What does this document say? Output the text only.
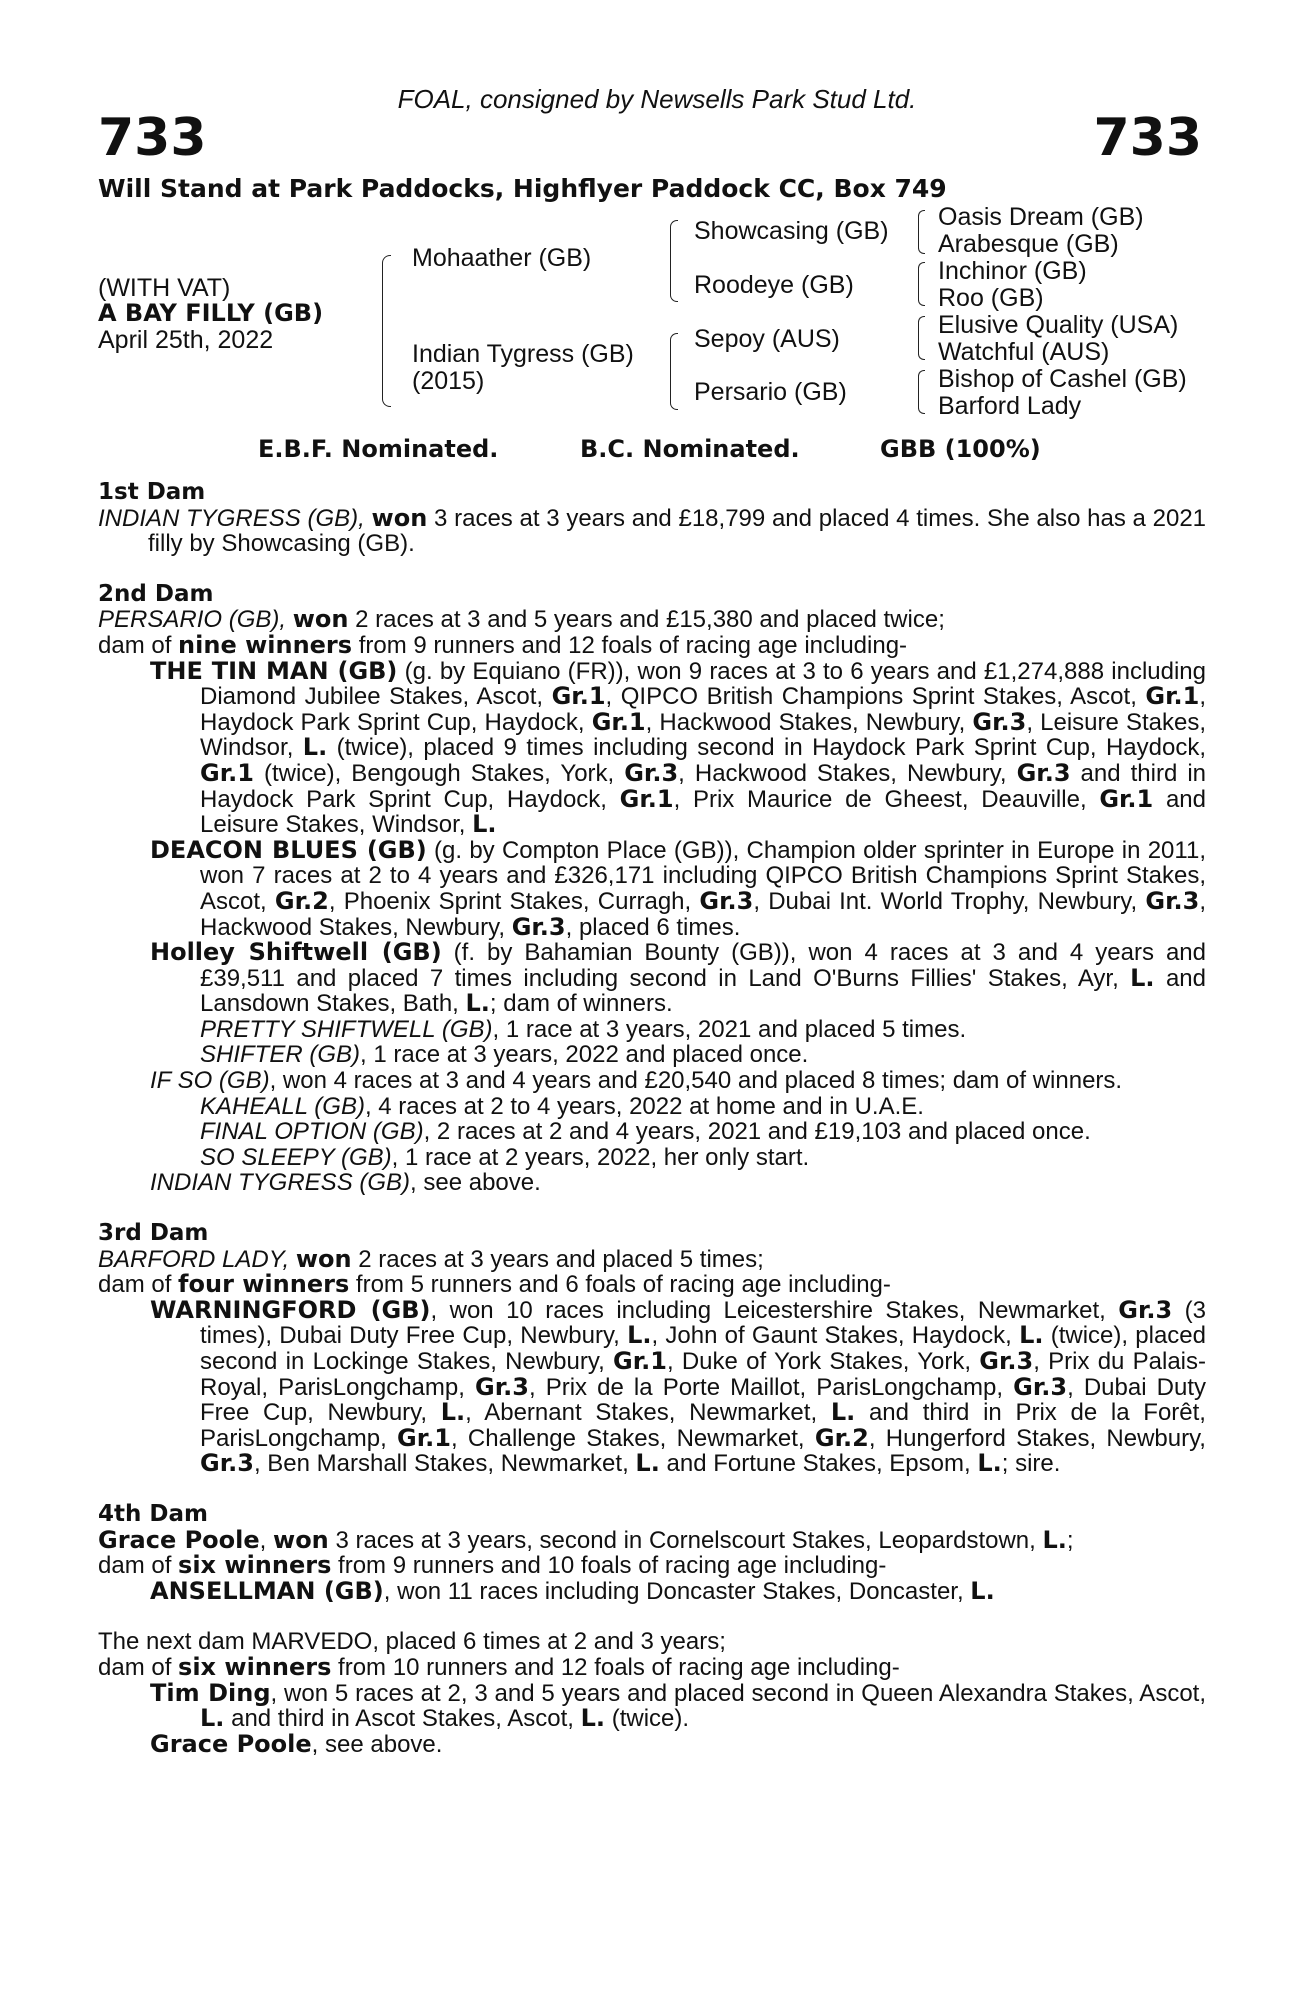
FOAL, consigned by Newsells Park Stud Ltd.
733	733
Will Stand at Park Paddocks, Highflyer Paddock CC, Box 749
(WITH VAT)
A BAY FILLY (GB)
April 25th, 2022
Mohaather (GB)
Indian Tygress (GB)
(2015)
Showcasing (GB)
Roodeye (GB)
Sepoy (AUS)
Persario (GB)
Oasis Dream (GB)
Arabesque (GB)
Inchinor (GB)
Roo (GB)
Elusive Quality (USA)
Watchful (AUS)
Bishop of Cashel (GB)
Barford Lady
E.B.F. Nominated.	B.C. Nominated.	GBB (100%)
1st Dam

INDIAN TYGRESS (GB), won 3 races at 3 years and £18,799 and placed 4 times. She also has a 2021 filly by Showcasing (GB).

2nd Dam

PERSARIO (GB), won 2 races at 3 and 5 years and £15,380 and placed twice;

dam of nine winners from 9 runners and 12 foals of racing age including-

THE TIN MAN (GB) (g. by Equiano (FR)), won 9 races at 3 to 6 years and £1,274,888 including Diamond Jubilee Stakes, Ascot, Gr.1, QIPCO British Champions Sprint Stakes, Ascot, Gr.1, Haydock Park Sprint Cup, Haydock, Gr.1, Hackwood Stakes, Newbury, Gr.3, Leisure Stakes, Windsor, L. (twice), placed 9 times including second in Haydock Park Sprint Cup, Haydock, Gr.1 (twice), Bengough Stakes, York, Gr.3, Hackwood Stakes, Newbury, Gr.3 and third in Haydock Park Sprint Cup, Haydock, Gr.1, Prix Maurice de Gheest, Deauville, Gr.1 and Leisure Stakes, Windsor, L.

DEACON BLUES (GB) (g. by Compton Place (GB)), Champion older sprinter in Europe in 2011, won 7 races at 2 to 4 years and £326,171 including QIPCO British Champions Sprint Stakes, Ascot, Gr.2, Phoenix Sprint Stakes, Curragh, Gr.3, Dubai Int. World Trophy, Newbury, Gr.3, Hackwood Stakes, Newbury, Gr.3, placed 6 times.

Holley Shiftwell (GB) (f. by Bahamian Bounty (GB)), won 4 races at 3 and 4 years and £39,511 and placed 7 times including second in Land O'Burns Fillies' Stakes, Ayr, L. and Lansdown Stakes, Bath, L.; dam of winners.

PRETTY SHIFTWELL (GB), 1 race at 3 years, 2021 and placed 5 times.

SHIFTER (GB), 1 race at 3 years, 2022 and placed once.

IF SO (GB), won 4 races at 3 and 4 years and £20,540 and placed 8 times; dam of winners.

KAHEALL (GB), 4 races at 2 to 4 years, 2022 at home and in U.A.E.

FINAL OPTION (GB), 2 races at 2 and 4 years, 2021 and £19,103 and placed once.

SO SLEEPY (GB), 1 race at 2 years, 2022, her only start.

INDIAN TYGRESS (GB), see above.

3rd Dam

BARFORD LADY, won 2 races at 3 years and placed 5 times;

dam of four winners from 5 runners and 6 foals of racing age including-

WARNINGFORD (GB), won 10 races including Leicestershire Stakes, Newmarket, Gr.3 (3 times), Dubai Duty Free Cup, Newbury, L., John of Gaunt Stakes, Haydock, L. (twice), placed second in Lockinge Stakes, Newbury, Gr.1, Duke of York Stakes, York, Gr.3, Prix du Palais-Royal, ParisLongchamp, Gr.3, Prix de la Porte Maillot, ParisLongchamp, Gr.3, Dubai Duty Free Cup, Newbury, L., Abernant Stakes, Newmarket, L. and third in Prix de la Forêt, ParisLongchamp, Gr.1, Challenge Stakes, Newmarket, Gr.2, Hungerford Stakes, Newbury, Gr.3, Ben Marshall Stakes, Newmarket, L. and Fortune Stakes, Epsom, L.; sire.

4th Dam

Grace Poole, won 3 races at 3 years, second in Cornelscourt Stakes, Leopardstown, L.;

dam of six winners from 9 runners and 10 foals of racing age including-

ANSELLMAN (GB), won 11 races including Doncaster Stakes, Doncaster, L.

The next dam MARVEDO, placed 6 times at 2 and 3 years;

dam of six winners from 10 runners and 12 foals of racing age including-

Tim Ding, won 5 races at 2, 3 and 5 years and placed second in Queen Alexandra Stakes, Ascot, L. and third in Ascot Stakes, Ascot, L. (twice).

Grace Poole, see above.
